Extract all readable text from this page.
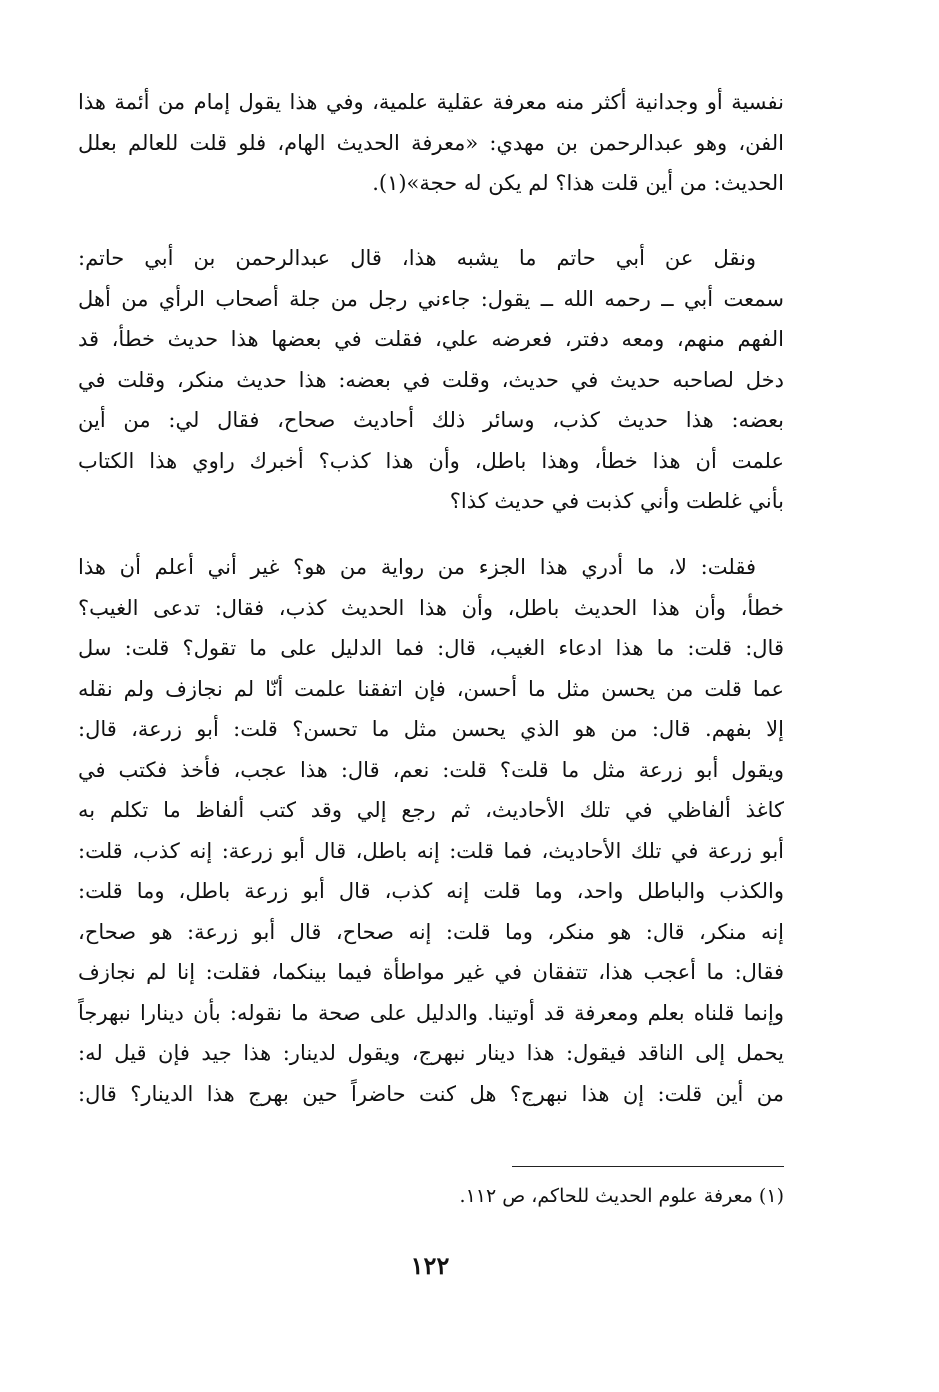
نفسية أو وجدانية أكثر منه معرفة عقلية علمية، وفي هذا يقول إمام من أئمة هذا
الفن، وهو عبدالرحمن بن مهدي: «معرفة الحديث الهام، فلو قلت للعالم بعلل
الحديث: من أين قلت هذا؟ لم يكن له حجة»(١).
ونقل عن أبي حاتم ما يشبه هذا، قال عبدالرحمن بن أبي حاتم:
سمعت أبي ــ رحمه الله ــ يقول: جاءني رجل من جلة أصحاب الرأي من أهل
الفهم منهم، ومعه دفتر، فعرضه علي، فقلت في بعضها هذا حديث خطأ، قد
دخل لصاحبه حديث في حديث، وقلت في بعضه: هذا حديث منكر، وقلت في
بعضه: هذا حديث كذب، وسائر ذلك أحاديث صحاح، فقال لي: من أين
علمت أن هذا خطأ، وهذا باطل، وأن هذا كذب؟ أخبرك راوي هذا الكتاب
بأني غلطت وأني كذبت في حديث كذا؟
فقلت: لا، ما أدري هذا الجزء من رواية من هو؟ غير أني أعلم أن هذا
خطأ، وأن هذا الحديث باطل، وأن هذا الحديث كذب، فقال: تدعى الغيب؟
قال: قلت: ما هذا ادعاء الغيب، قال: فما الدليل على ما تقول؟ قلت: سل
عما قلت من يحسن مثل ما أحسن، فإن اتفقنا علمت أنّا لم نجازف ولم نقله
إلا بفهم. قال: من هو الذي يحسن مثل ما تحسن؟ قلت: أبو زرعة، قال:
ويقول أبو زرعة مثل ما قلت؟ قلت: نعم، قال: هذا عجب، فأخذ فكتب في
كاغذ ألفاظي في تلك الأحاديث، ثم رجع إلي وقد كتب ألفاظ ما تكلم به
أبو زرعة في تلك الأحاديث، فما قلت: إنه باطل، قال أبو زرعة: إنه كذب، قلت:
والكذب والباطل واحد، وما قلت إنه كذب، قال أبو زرعة باطل، وما قلت:
إنه منكر، قال: هو منكر، وما قلت: إنه صحاح، قال أبو زرعة: هو صحاح،
فقال: ما أعجب هذا، تتفقان في غير مواطأة فيما بينكما، فقلت: إنا لم نجازف
وإنما قلناه بعلم ومعرفة قد أوتينا. والدليل على صحة ما نقوله: بأن دينارا نبهرجاً
يحمل إلى الناقد فيقول: هذا دينار نبهرج، ويقول لدينار: هذا جيد فإن قيل له:
من أين قلت: إن هذا نبهرج؟ هل كنت حاضراً حين بهرج هذا الدينار؟ قال:
(١) معرفة علوم الحديث للحاكم، ص ١١٢.
١٢٢
